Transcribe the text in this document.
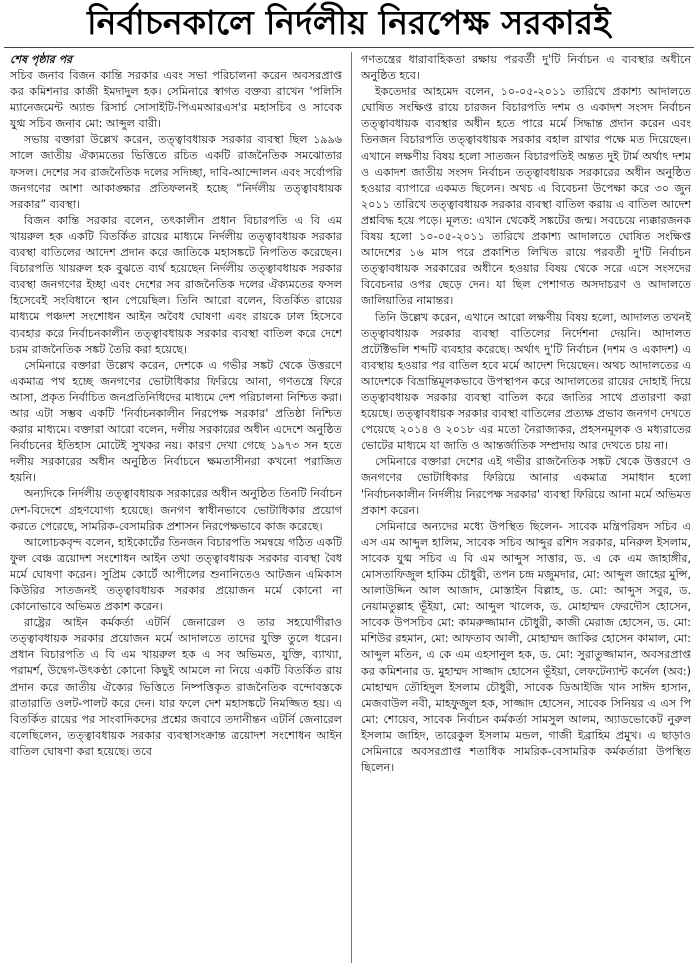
নির্বাচনকালে নির্দলীয় নিরপেক্ষ সরকারই
শেষ পৃষ্ঠার পর

সচিব জনাব বিজন কান্তি সরকার এবং সভা পরিচালনা করেন অবসরপ্রাপ্ত কর কমিশনার কাজী ইমদাদুল হক। সেমিনারে স্বাগত বক্তব্য রাখেন 'পলিসি ম্যানেজমেন্ট অ্যান্ড রিসার্চ সোসাইটি-পিএমআরএস'র মহাসচিব ও সাবেক যুগ্ম সচিব জনাব মো: আব্দুল বারী।

সভায় বক্তারা উল্লেখ করেন, তত্ত্বাবধায়ক সরকার ব্যবস্থা ছিল ১৯৯৬ সালে জাতীয় ঐক্যমতের ভিত্তিতে রচিত একটি রাজনৈতিক সমঝোতার ফসল। দেশের সব রাজনৈতিক দলের সদিচ্ছা, দাবি-আন্দোলন এবং সর্বোপরি জনগণের আশা আকাঙ্ক্ষার প্রতিফলনই হচ্ছে “নির্দলীয় তত্ত্বাবধায়ক সরকার” ব্যবস্থা।

বিজন কান্তি সরকার বলেন, তৎকালীন প্রধান বিচারপতি এ বি এম খায়রুল হক একটি বিতর্কিত রায়ের মাধ্যমে নির্দলীয় তত্ত্বাবধায়ক সরকার ব্যবস্থা বাতিলের আদেশ প্রদান করে জাতিকে মহাসঙ্কটে নিপতিত করেছেন। বিচারপতি খায়রুল হক বুঝতে ব্যর্থ হয়েছেন নির্দলীয় তত্ত্বাবধায়ক সরকার ব্যবস্থা জনগণের ইচ্ছা এবং দেশের সব রাজনৈতিক দলের ঐক্যমতের ফসল হিসেবেই সংবিধানে স্থান পেয়েছিল। তিনি আরো বলেন, বিতর্কিত রায়ের মাধ্যমে পঞ্চদশ সংশোধন আইন অবৈধ ঘোষণা এবং রায়কে ঢাল হিসেবে ব্যবহার করে নির্বাচনকালীন তত্ত্বাবধায়ক সরকার ব্যবস্থা বাতিল করে দেশে চরম রাজনৈতিক সঙ্কট তৈরি করা হয়েছে।

সেমিনারে বক্তারা উল্লেখ করেন, দেশকে এ গভীর সঙ্কট থেকে উত্তরণে একমাত্র পথ হচ্ছে জনগণের ভোটাধিকার ফিরিয়ে আনা, গণতন্ত্রে ফিরে আসা, প্রকৃত নির্বাচিত জনপ্রতিনিধিদের মাধ্যমে দেশ পরিচালনা নিশ্চিত করা। আর এটা সম্ভব একটি 'নির্বাচনকালীন নিরপেক্ষ সরকার' প্রতিষ্ঠা নিশ্চিত করার মাধ্যমে। বক্তারা আরো বলেন, দলীয় সরকারের অধীন এদেশে অনুষ্ঠিত নির্বাচনের ইতিহাস মোটেই সুখকর নয়। কারণ দেখা গেছে ১৯৭৩ সন হতে দলীয় সরকারের অধীন অনুষ্ঠিত নির্বাচনে ক্ষমতাসীনরা কখনো পরাজিত হয়নি।

অন্যদিকে নির্দলীয় তত্ত্বাবধায়ক সরকারের অধীন অনুষ্ঠিত তিনটি নির্বাচন দেশ-বিদেশে গ্রহণযোগ্য হয়েছে। জনগণ স্বাধীনভাবে ভোটাধিকার প্রয়োগ করতে পেরেছে, সামরিক-বেসামরিক প্রশাসন নিরপেক্ষভাবে কাজ করেছে।

আলোচকবৃন্দ বলেন, হাইকোর্টের তিনজন বিচারপতি সমন্বয়ে গঠিত একটি ফুল বেঞ্চ ত্রয়োদশ সংশোধন আইন তথা তত্ত্বাবধায়ক সরকার ব্যবস্থা বৈধ মর্মে ঘোষণা করেন। সুপ্রিম কোর্টে আপীলের শুনানিতেও আটজন এমিকাস কিউরির সাতজনই তত্ত্বাবধায়ক সরকার প্রয়োজন মর্মে কোনো না কোনোভাবে অভিমত প্রকাশ করেন।

রাষ্ট্রের আইন কর্মকর্তা এটর্নি জেনারেল ও তার সহযোগীরাও তত্ত্বাবধায়ক সরকার প্রয়োজন মর্মে আদালতে তাদের যুক্তি তুলে ধরেন। প্রধান বিচারপতি এ বি এম খায়রুল হক এ সব অভিমত, যুক্তি, ব্যাখ্যা, পরামর্শ, উদ্বেগ-উৎকণ্ঠা কোনো কিছুই আমলে না নিয়ে একটি বিতর্কিত রায় প্রদান করে জাতীয় ঐক্যের ভিত্তিতে নিষ্পত্তিকৃত রাজনৈতিক বন্দোবস্তকে রাতারাতি ওলট-পালট করে দেন। যার ফলে দেশ মহাসঙ্কটে নিমজ্জিত হয়। এ বিতর্কিত রায়ের পর সাংবাদিকদের প্রশ্নের জবাবে তদানীন্তন এটর্নি জেনারেল বলেছিলেন, তত্ত্বাবধায়ক সরকার ব্যবস্থাসংক্রান্ত ত্রয়োদশ সংশোধন আইন বাতিল ঘোষণা করা হয়েছে। তবে

গণতন্ত্রের ধারাবাহিকতা রক্ষায় পরবর্তী দু'টি নির্বাচন এ ব্যবস্থার অধীনে অনুষ্ঠিত হবে।

ইকতেদার আহমেদ বলেন, ১০-০৫-২০১১ তারিখে প্রকাশ্য আদালতে ঘোষিত সংক্ষিপ্ত রায়ে চারজন বিচারপতি দশম ও একাদশ সংসদ নির্বাচন তত্ত্বাবধায়ক ব্যবস্থার অধীন হতে পারে মর্মে সিদ্ধান্ত প্রদান করেন এবং তিনজন বিচারপতি তত্ত্বাবধায়ক সরকার বহাল রাখার পক্ষে মত দিয়েছেন। এখানে লক্ষণীয় বিষয় হলো সাতজন বিচারপতিই অন্তত দুই টার্ম অর্থাৎ দশম ও একাদশ জাতীয় সংসদ নির্বাচন তত্ত্বাবধায়ক সরকারের অধীন অনুষ্ঠিত হওয়ার ব্যাপারে একমত ছিলেন। অথচ এ বিবেচনা উপেক্ষা করে ৩০ জুন ২০১১ তারিখে তত্ত্বাবধায়ক সরকার ব্যবস্থা বাতিল করায় এ বাতিল আদেশ প্রশ্নবিদ্ধ হয়ে পড়ে। মূলত: এখান থেকেই সঙ্কটের জন্ম। সবচেয়ে ন্যক্কারজনক বিষয় হলো ১০-০৫-২০১১ তারিখে প্রকাশ্য আদালতে ঘোষিত সংক্ষিপ্ত আদেশের ১৬ মাস পরে প্রকাশিত লিখিত রায়ে পরবর্তী দু'টি নির্বাচন তত্ত্বাবধায়ক সরকারের অধীনে হওয়ার বিষয় থেকে সরে এসে সংসদের বিবেচনার ওপর ছেড়ে দেন। যা ছিল পেশাগত অসদাচরণ ও আদালতে জালিয়াতির নামান্তর।

তিনি উল্লেখ করেন, এখানে আরো লক্ষণীয় বিষয় হলো, আদালত তখনই তত্ত্বাবধায়ক সরকার ব্যবস্থা বাতিলের নির্দেশনা দেয়নি। আদালত প্রটেক্টিভলি শব্দটি ব্যবহার করেছে। অর্থাৎ দু'টি নির্বাচন (দশম ও একাদশ) এ ব্যবস্থায় হওয়ার পর বাতিল হবে মর্মে আদেশ দিয়েছেন। অথচ আদালতের এ আদেশকে বিভ্রান্তিমূলকভাবে উপস্থাপন করে আদালতের রায়ের দোহাই দিয়ে তত্ত্বাবধায়ক সরকার ব্যবস্থা বাতিল করে জাতির সাথে প্রতারণা করা হয়েছে। তত্ত্বাবধায়ক সরকার ব্যবস্থা বাতিলের প্রত্যক্ষ প্রভাব জনগণ দেখতে পেয়েছে ২০১৪ ও ২০১৮ এর মতো নৈরাজ্যকর, প্রহসনমূলক ও মধ্যরাতের ভোটের মাধ্যমে যা জাতি ও আন্তর্জাতিক সম্প্রদায় আর দেখতে চায় না।

সেমিনারে বক্তারা দেশের এই গভীর রাজনৈতিক সঙ্কট থেকে উত্তরণে ও জনগণের ভোটাধিকার ফিরিয়ে আনার একমাত্র সমাধান হলো 'নির্বাচনকালীন নির্দলীয় নিরপেক্ষ সরকার' ব্যবস্থা ফিরিয়ে আনা মর্মে অভিমত প্রকাশ করেন।

সেমিনারে অন্যদের মধ্যে উপস্থিত ছিলেন- সাবেক মন্ত্রিপরিষদ সচিব এ এস এম আব্দুল হালিম, সাবেক সচিব আব্দুর রশিদ সরকার, মনিরুল ইসলাম, সাবেক যুগ্ম সচিব এ বি এম আব্দুস সাত্তার, ড. এ কে এম জাহাঙ্গীর, মোসতাফিজুল হাকিম চৌধুরী, তপন চন্দ্র মজুমদার, মো: আব্দুল জাহের মুন্সি, আলাউদ্দিন আল আজাদ, মোস্তাইন বিল্লাহ, ড. মো: আব্দুস সবুর, ড. নেয়ামতুল্লাহ ভূঁইয়া, মো: আব্দুল খালেক, ড. মোহাম্মদ ফেরদৌস হোসেন, সাবেক উপসচিব মো: কামরুজ্জামান চৌধুরী, কাজী মেরাজ হোসেন, ড. মো: মশিউর রহমান, মো: আফতাব আলী, মোহাম্মদ জাকির হোসেন কামাল, মো: আব্দুল মতিন, এ কে এম এহসানুল হক, ড. মো: সুরাতুজ্জামান, অবসরপ্রাপ্ত কর কমিশনার ড. মুহাম্মদ সাজ্জাদ হোসেন ভূঁইয়া, লেফটেন্যান্ট কর্নেল (অব:) মোহাম্মদ তৌহিদুল ইসলাম চৌধুরী, সাবেক ডিআইজি খান সাঈদ হাসান, মেজবাউল নবী, মাহফুজুল হক, সাজ্জাদ হোসেন, সাবেক সিনিয়র এ এস পি মো: শোয়েব, সাবেক নির্বাচন কর্মকর্তা সামসুল আলম, অ্যাডভোকেট নুরুল ইসলাম জাহিদ, তারেকুল ইসলাম মন্ডল, গাজী ইব্রাহিম প্রমুখ। এ ছাড়াও সেমিনারে অবসরপ্রাপ্ত শতাধিক সামরিক-বেসামরিক কর্মকর্তারা উপস্থিত ছিলেন।
